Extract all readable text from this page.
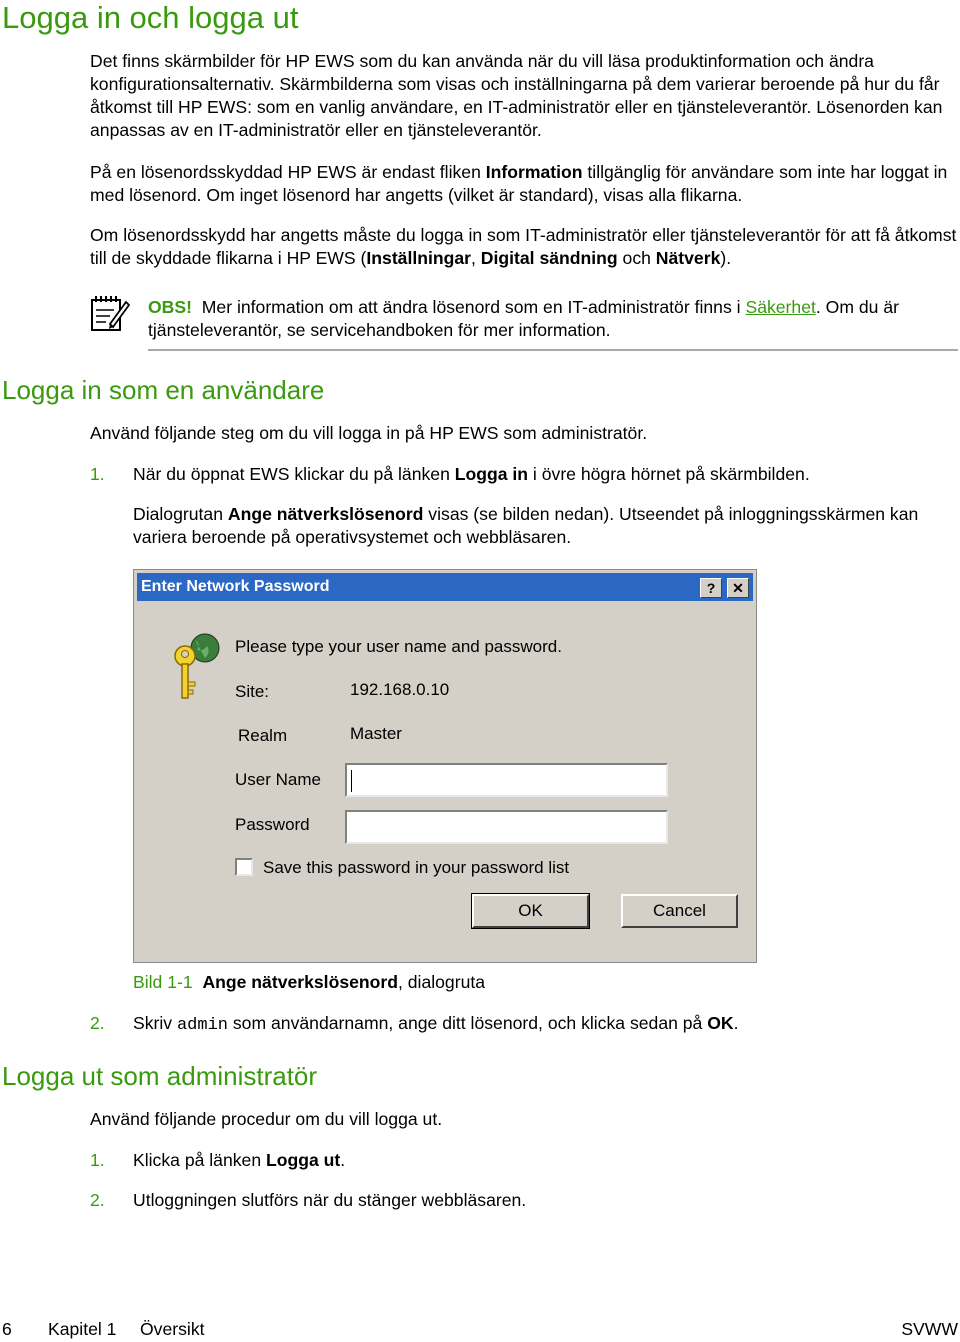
Logga in och logga ut

Det finns skärmbilder för HP EWS som du kan använda när du vill läsa produktinformation och ändra konfigurationsalternativ. Skärmbilderna som visas och inställningarna på dem varierar beroende på hur du får åtkomst till HP EWS: som en vanlig användare, en IT-administratör eller en tjänsteleverantör. Lösenorden kan anpassas av en IT-administratör eller en tjänsteleverantör.

På en lösenordsskyddad HP EWS är endast fliken Information tillgänglig för användare som inte har loggat in med lösenord. Om inget lösenord har angetts (vilket är standard), visas alla flikarna.

Om lösenordsskydd har angetts måste du logga in som IT-administratör eller tjänsteleverantör för att få åtkomst till de skyddade flikarna i HP EWS (Inställningar, Digital sändning och Nätverk).

OBS!  Mer information om att ändra lösenord som en IT-administratör finns i Säkerhet. Om du är tjänsteleverantör, se servicehandboken för mer information.

Logga in som en användare

Använd följande steg om du vill logga in på HP EWS som administratör.

1. När du öppnat EWS klickar du på länken Logga in i övre högra hörnet på skärmbilden.

Dialogrutan Ange nätverkslösenord visas (se bilden nedan). Utseendet på inloggningsskärmen kan variera beroende på operativsystemet och webbläsaren.

Enter Network Password	?	✕
Please type your user name and password.
Site:	192.168.0.10
Realm	Master
User Name
Password
Save this password in your password list
OK	Cancel

Bild 1-1 Ange nätverkslösenord, dialogruta

2. Skriv admin som användarnamn, ange ditt lösenord, och klicka sedan på OK.

Logga ut som administratör

Använd följande procedur om du vill logga ut.

1. Klicka på länken Logga ut.

2. Utloggningen slutförs när du stänger webbläsaren.

6 Kapitel 1 Översikt	SVWW
